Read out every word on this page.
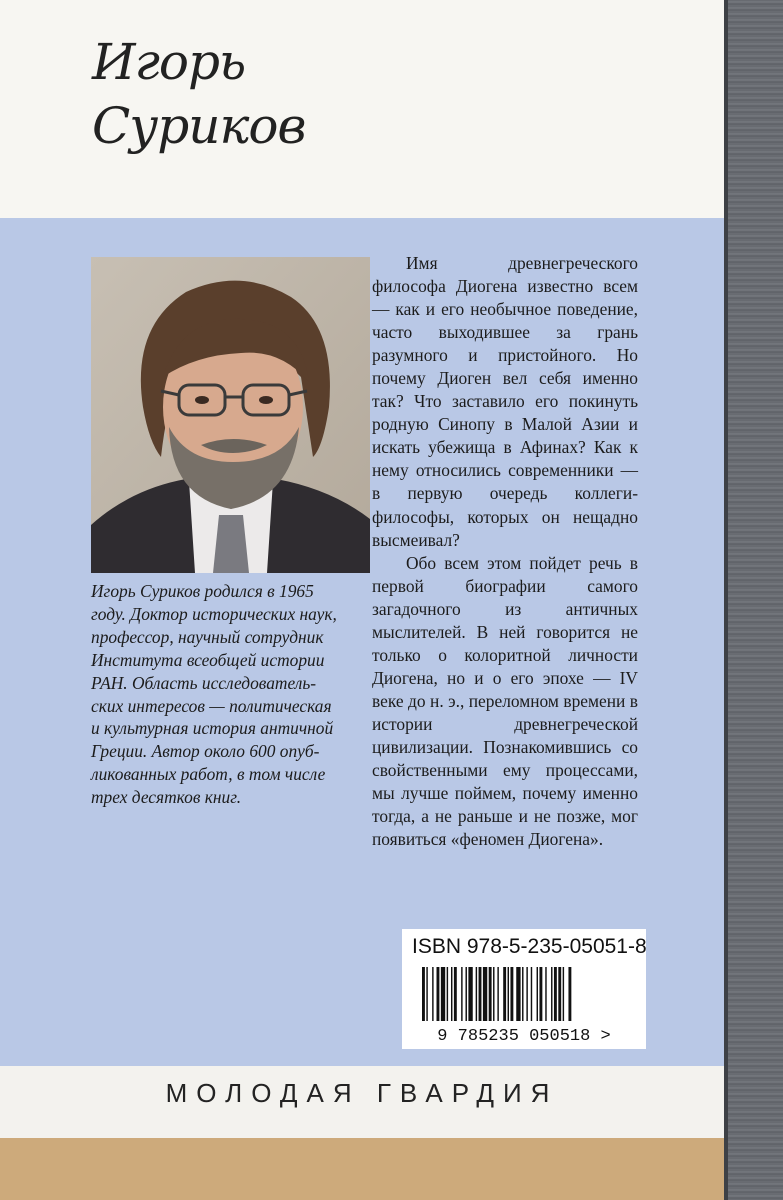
Игорь
Суриков

Игорь Суриков родился в 1965

году. Доктор исторических наук,

профессор, научный сотрудник

Института всеобщей истории

РАН. Область исследователь-

ских интересов — политическая

и культурная история античной

Греции. Автор около 600 опуб-

ликованных работ, в том числе

трех десятков книг.

Имя древнегреческого философа Диогена известно всем — как и его необычное поведение, часто выходившее за грань разумного и пристойного. Но почему Диоген вел себя именно так? Что заставило его покинуть родную Синопу в Малой Азии и искать убежища в Афинах? Как к нему относились современники — в первую очередь коллеги-философы, которых он нещадно высмеивал?

Обо всем этом пойдет речь в первой биографии самого загадочного из античных мыслителей. В ней говорится не только о колоритной личности Диогена, но и о его эпохе — IV веке до н. э., переломном времени в истории древнегреческой цивилизации. Познакомившись со свойственными ему процессами, мы лучше поймем, почему именно тогда, а не раньше и не позже, мог появиться «феномен Диогена».

ISBN 978-5-235-05051-8
9 785235 050518 >
МОЛОДАЯ ГВАРДИЯ
